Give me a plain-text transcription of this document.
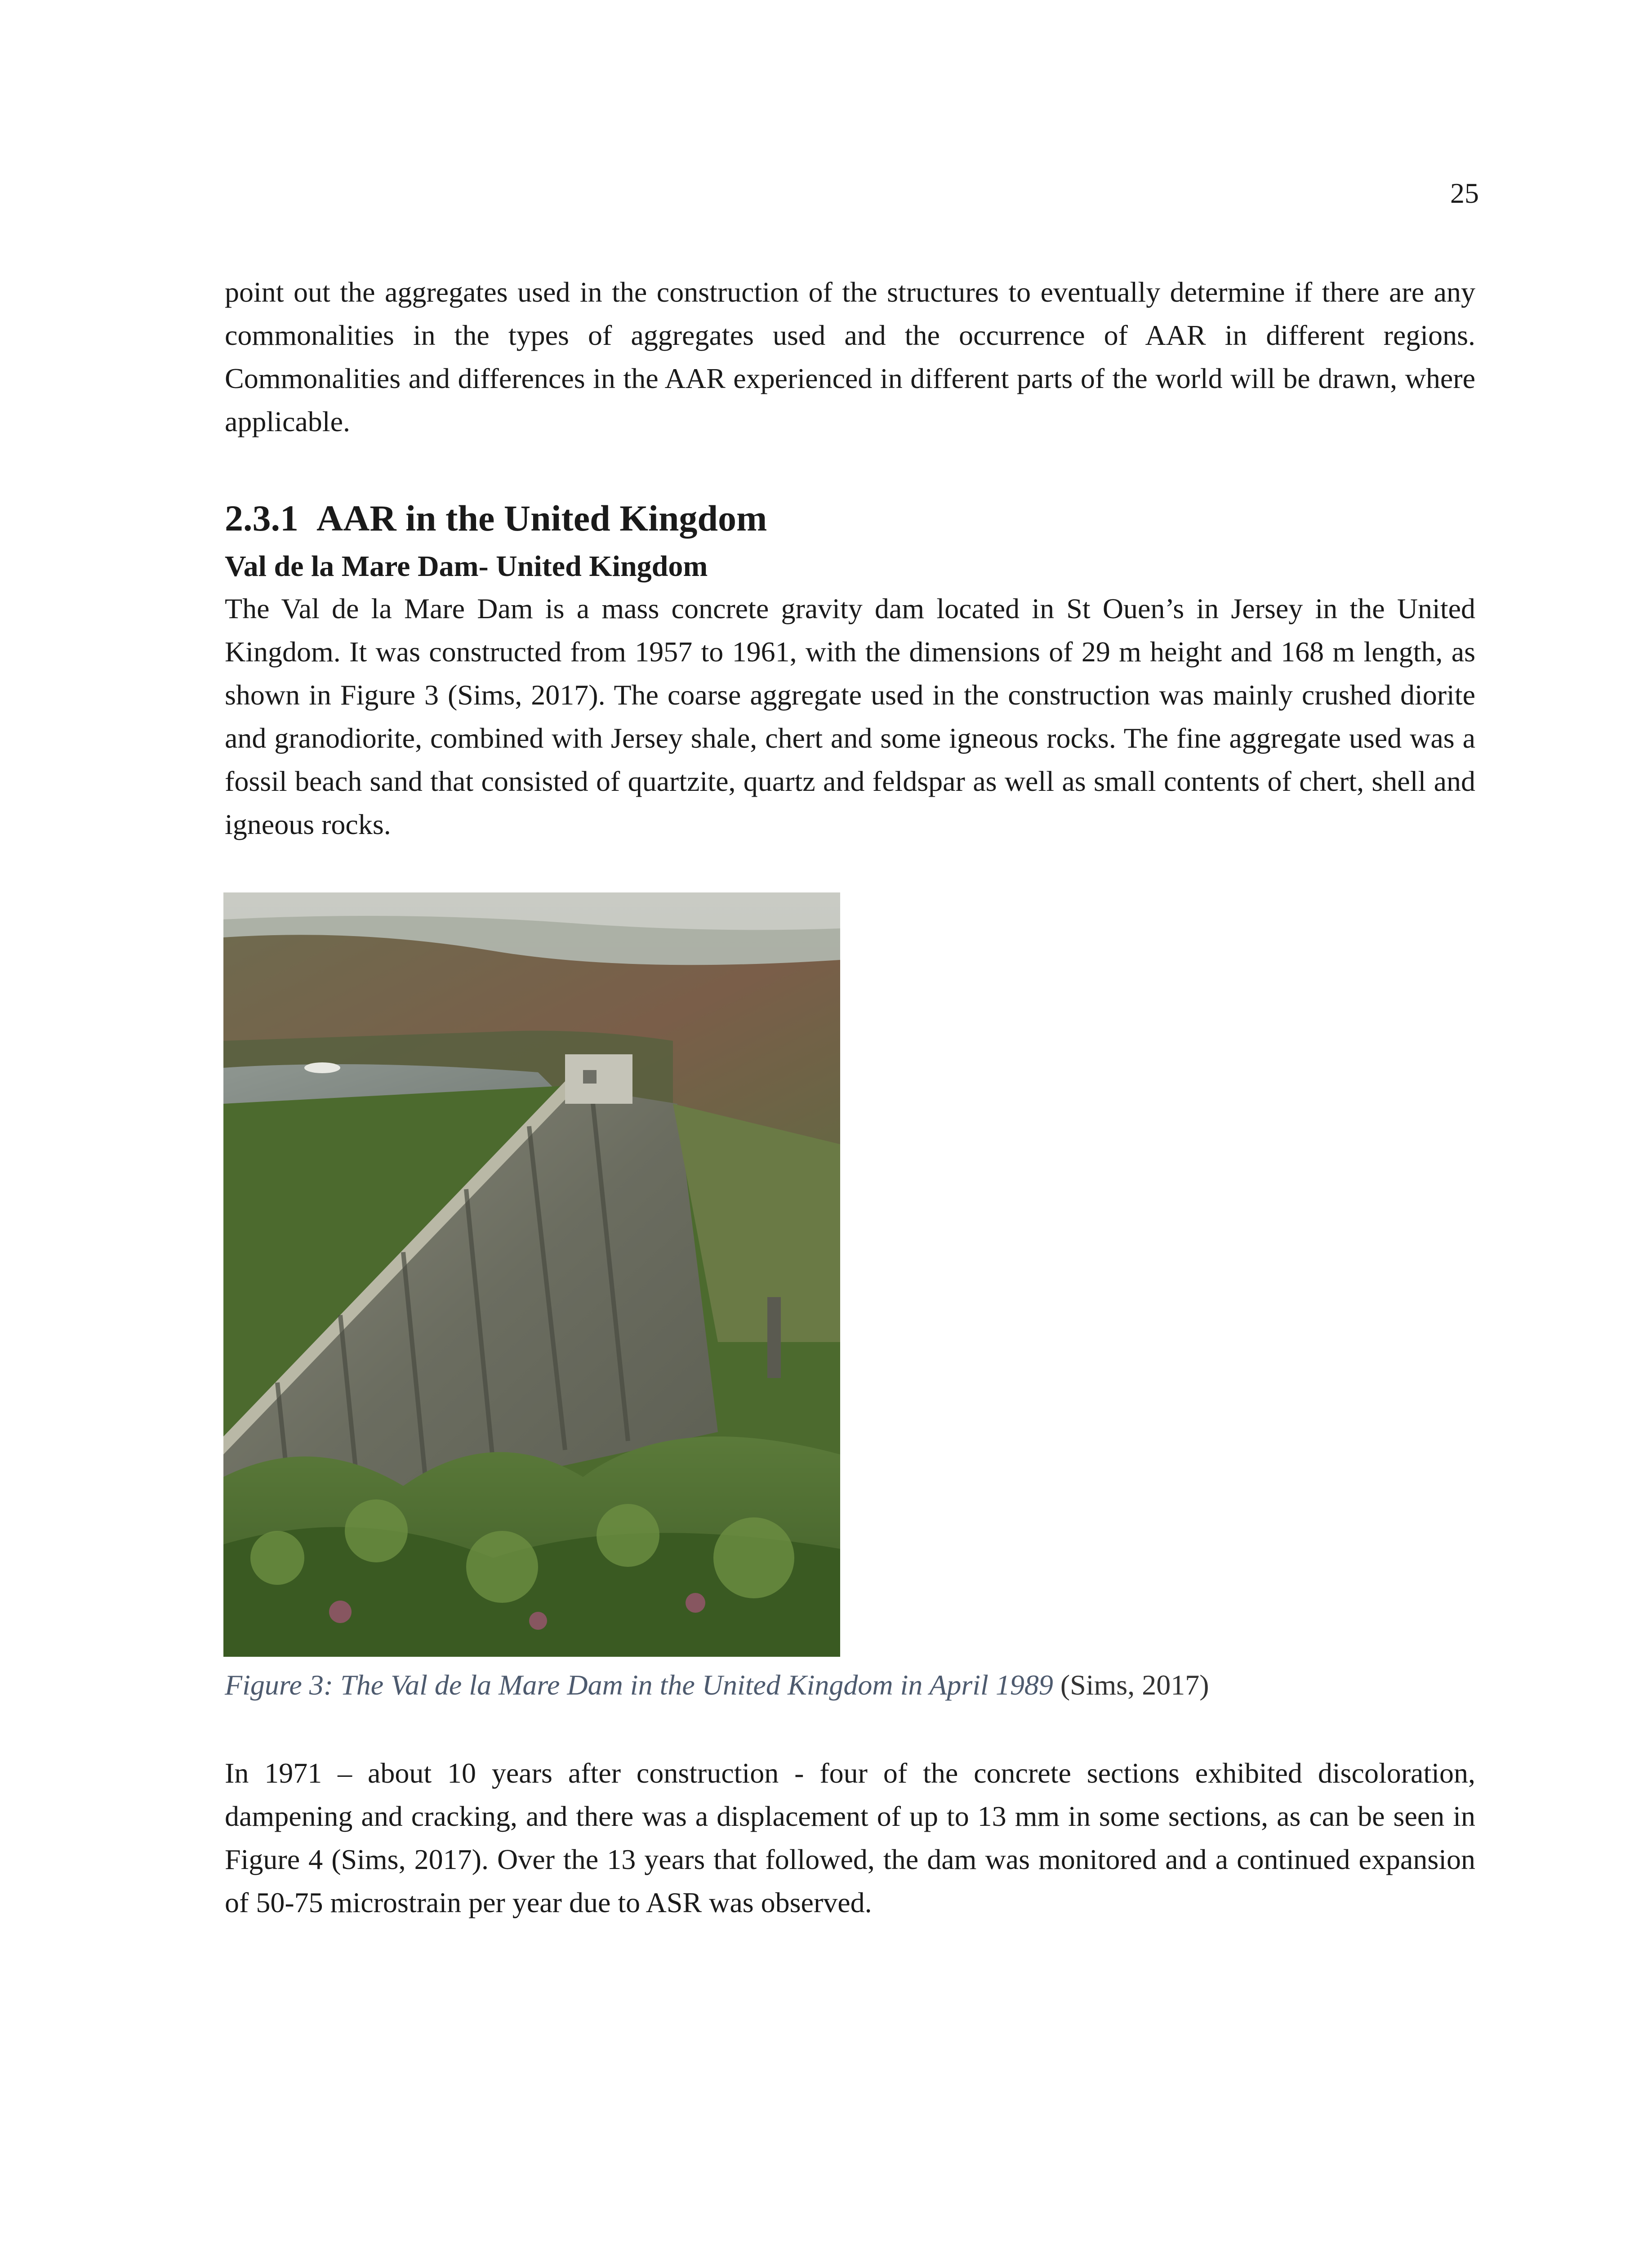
25

point out the aggregates used in the construction of the structures to eventually determine if there are any commonalities in the types of aggregates used and the occurrence of AAR in different regions. Commonalities and differences in the AAR experienced in different parts of the world will be drawn, where applicable.

2.3.1 AAR in the United Kingdom
Val de la Mare Dam- United Kingdom

The Val de la Mare Dam is a mass concrete gravity dam located in St Ouen’s in Jersey in the United Kingdom. It was constructed from 1957 to 1961, with the dimensions of 29 m height and 168 m length, as shown in Figure 3 (Sims, 2017). The coarse aggregate used in the construction was mainly crushed diorite and granodiorite, combined with Jersey shale, chert and some igneous rocks. The fine aggregate used was a fossil beach sand that consisted of quartzite, quartz and feldspar as well as small contents of chert, shell and igneous rocks.

Figure 3: The Val de la Mare Dam in the United Kingdom in April 1989 (Sims, 2017)

In 1971 – about 10 years after construction - four of the concrete sections exhibited discoloration, dampening and cracking, and there was a displacement of up to 13 mm in some sections, as can be seen in Figure 4 (Sims, 2017). Over the 13 years that followed, the dam was monitored and a continued expansion of 50-75 microstrain per year due to ASR was observed.
